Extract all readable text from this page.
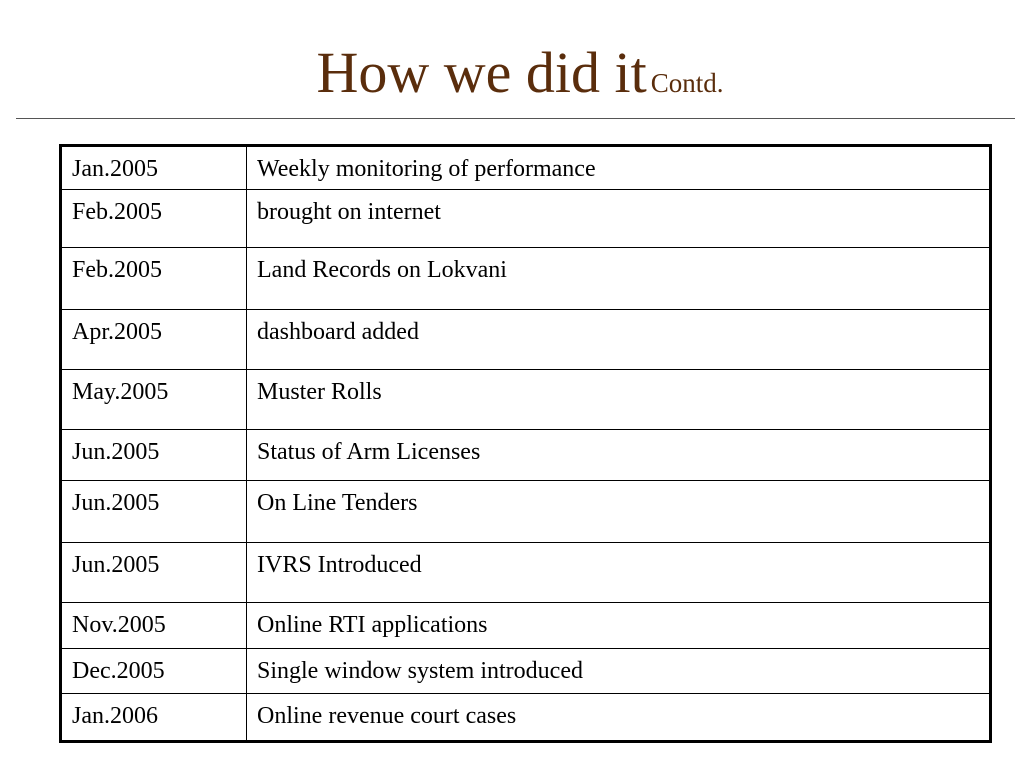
How we did it Contd.
Jan.2005	Weekly monitoring of performance
Feb.2005	brought on internet
Feb.2005	Land Records on Lokvani
Apr.2005	dashboard added
May.2005	Muster Rolls
Jun.2005	Status of Arm Licenses
Jun.2005	On Line Tenders
Jun.2005	IVRS Introduced
Nov.2005	Online RTI applications
Dec.2005	Single window system introduced
Jan.2006	Online revenue court cases
